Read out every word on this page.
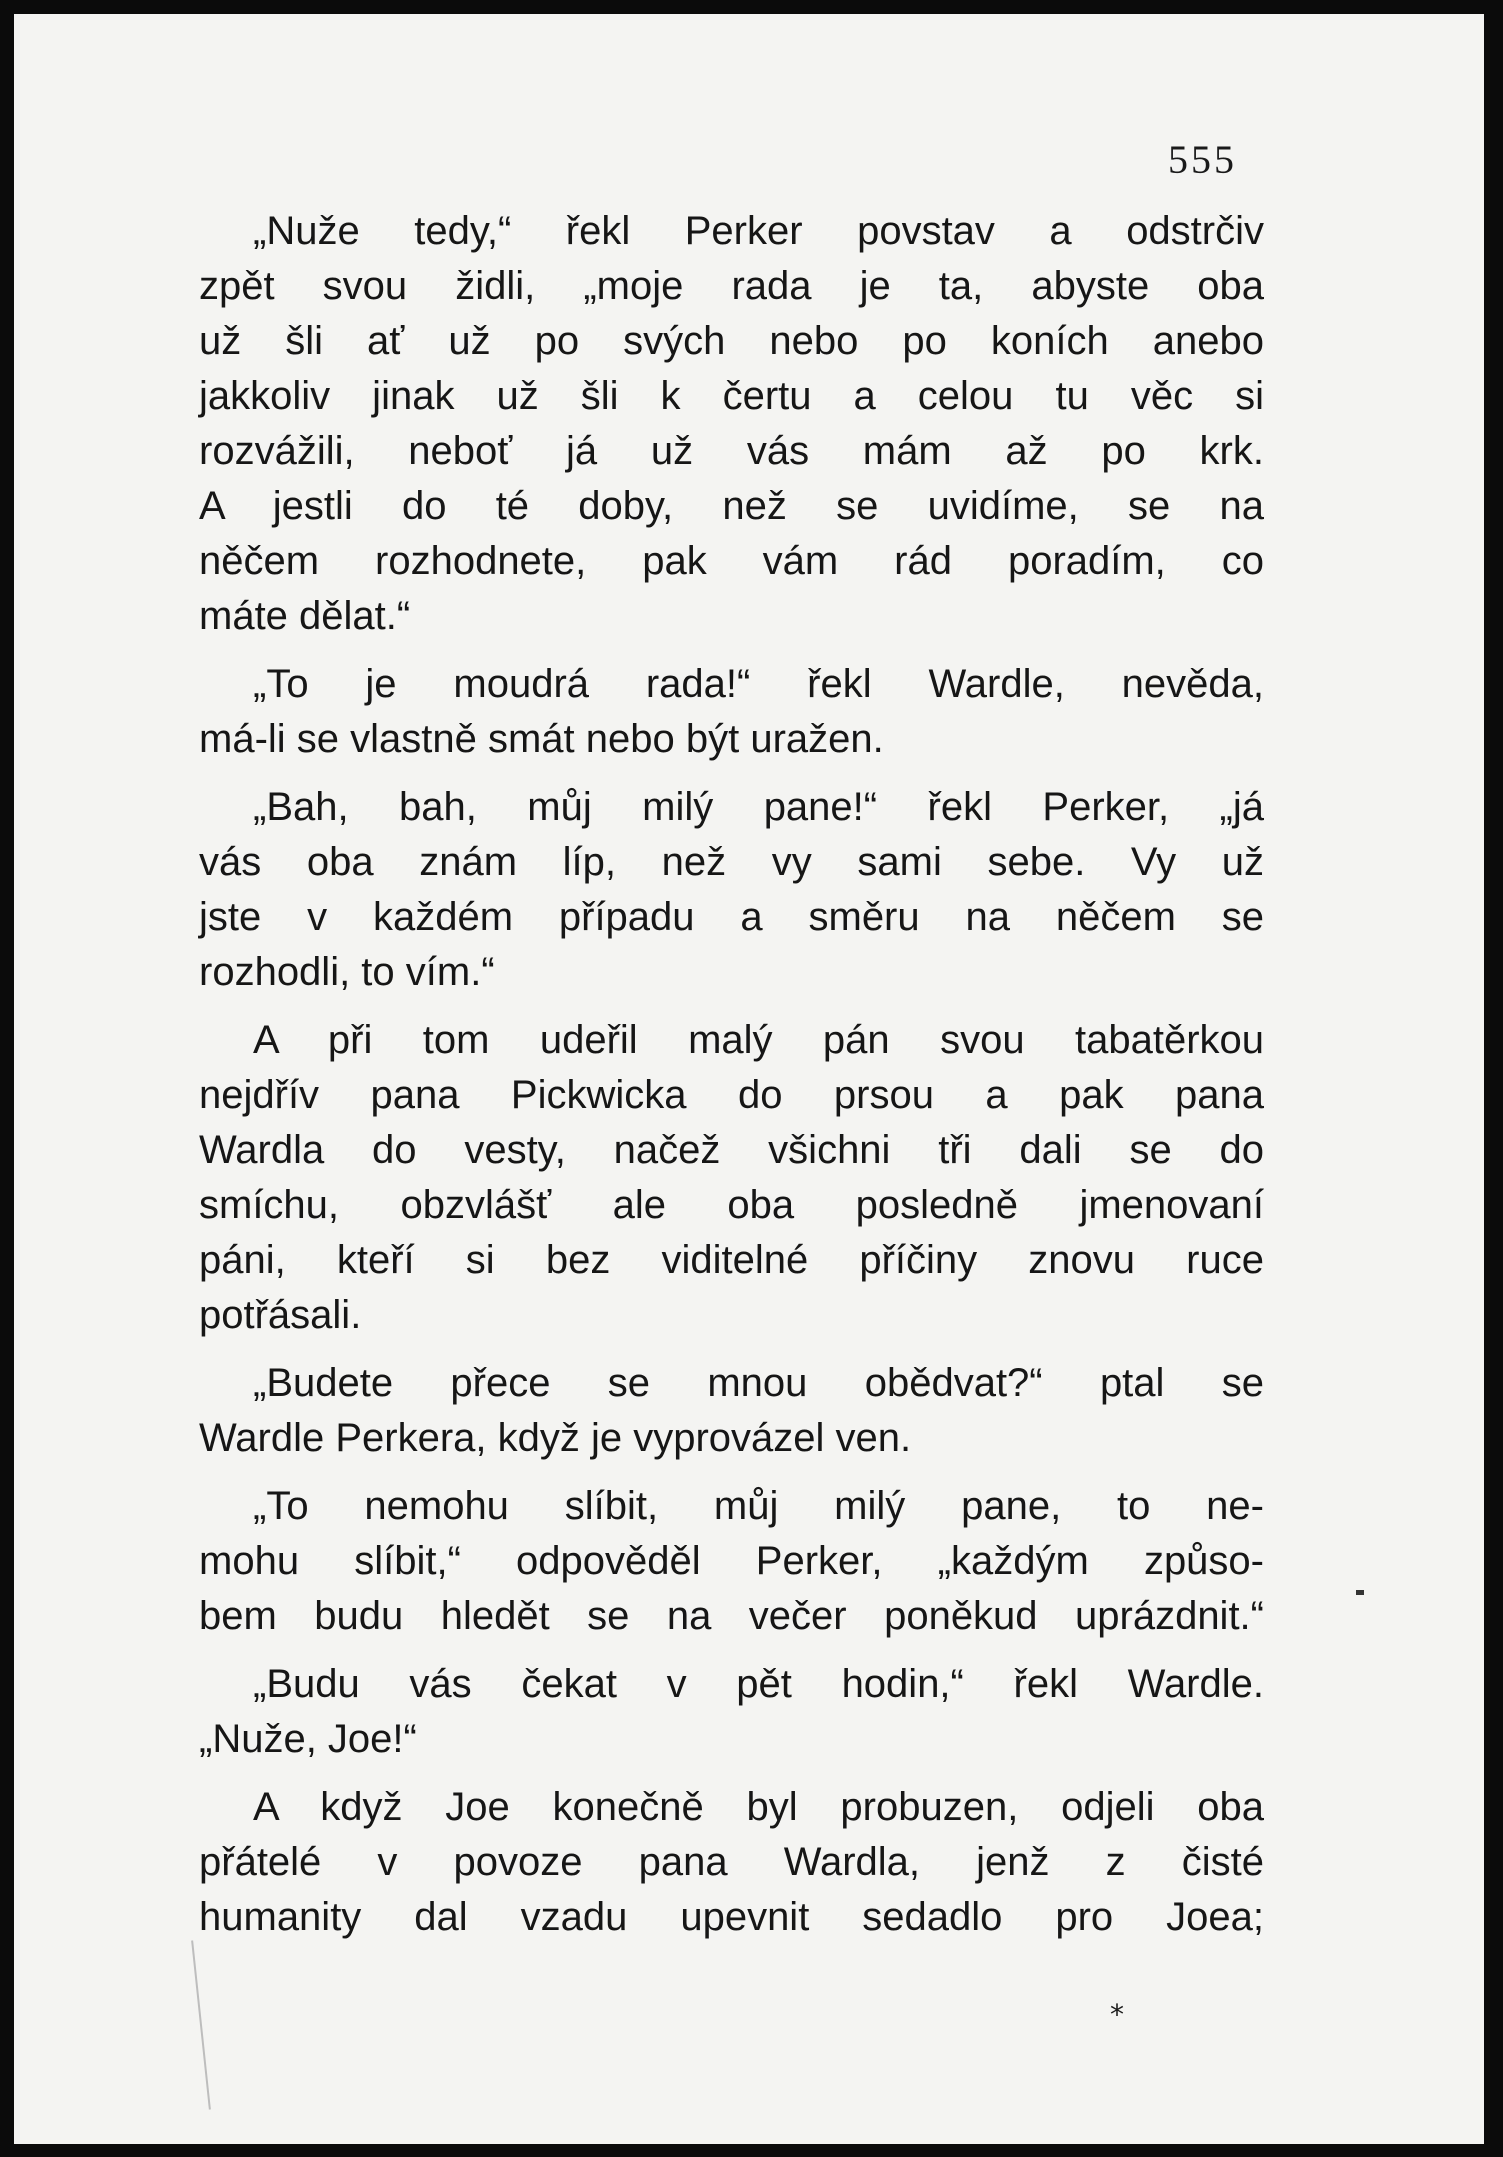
555

„Nuže tedy,“ řekl Perker povstav a odstrčiv
zpět svou židli, „moje rada je ta, abyste oba
už šli ať už po svých nebo po koních anebo
jakkoliv jinak už šli k čertu a celou tu věc si
rozvážili, neboť já už vás mám až po krk.
A jestli do té doby, než se uvidíme, se na
něčem rozhodnete, pak vám rád poradím, co
máte dělat.“

„To je moudrá rada!“ řekl Wardle, nevěda,
má-li se vlastně smát nebo být uražen.

„Bah, bah, můj milý pane!“ řekl Perker, „já
vás oba znám líp, než vy sami sebe. Vy už
jste v každém případu a směru na něčem se
rozhodli, to vím.“

A při tom udeřil malý pán svou tabatěrkou
nejdřív pana Pickwicka do prsou a pak pana
Wardla do vesty, načež všichni tři dali se do
smíchu, obzvlášť ale oba posledně jmenovaní
páni, kteří si bez viditelné příčiny znovu ruce
potřásali.

„Budete přece se mnou obědvat?“ ptal se
Wardle Perkera, když je vyprovázel ven.

„To nemohu slíbit, můj milý pane, to ne-
mohu slíbit,“ odpověděl Perker, „každým způso-
bem budu hledět se na večer poněkud uprázdnit.“

„Budu vás čekat v pět hodin,“ řekl Wardle.
„Nuže, Joe!“

A když Joe konečně byl probuzen, odjeli oba
přátelé v povoze pana Wardla, jenž z čisté
humanity dal vzadu upevnit sedadlo pro Joea;

*
